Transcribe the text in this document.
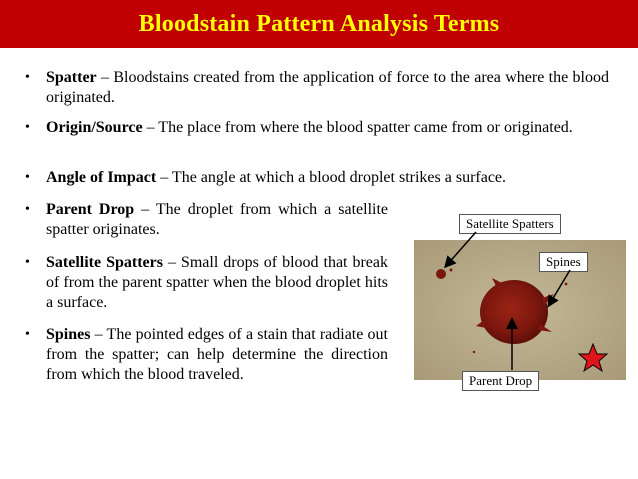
Bloodstain Pattern Analysis Terms
• Spatter – Bloodstains created from the application of force to the area where the blood originated.

• Origin/Source – The place from where the blood spatter came from or originated.

• Angle of Impact – The angle at which a blood droplet strikes a surface.

• Parent Drop – The droplet from which a satellite spatter originates.

• Satellite Spatters – Small drops of blood that break of from the parent spatter when the blood droplet hits a surface.

• Spines – The pointed edges of a stain that radiate out from the spatter; can help determine the direction from which the blood traveled.

Satellite Spatters
Spines
Parent Drop
